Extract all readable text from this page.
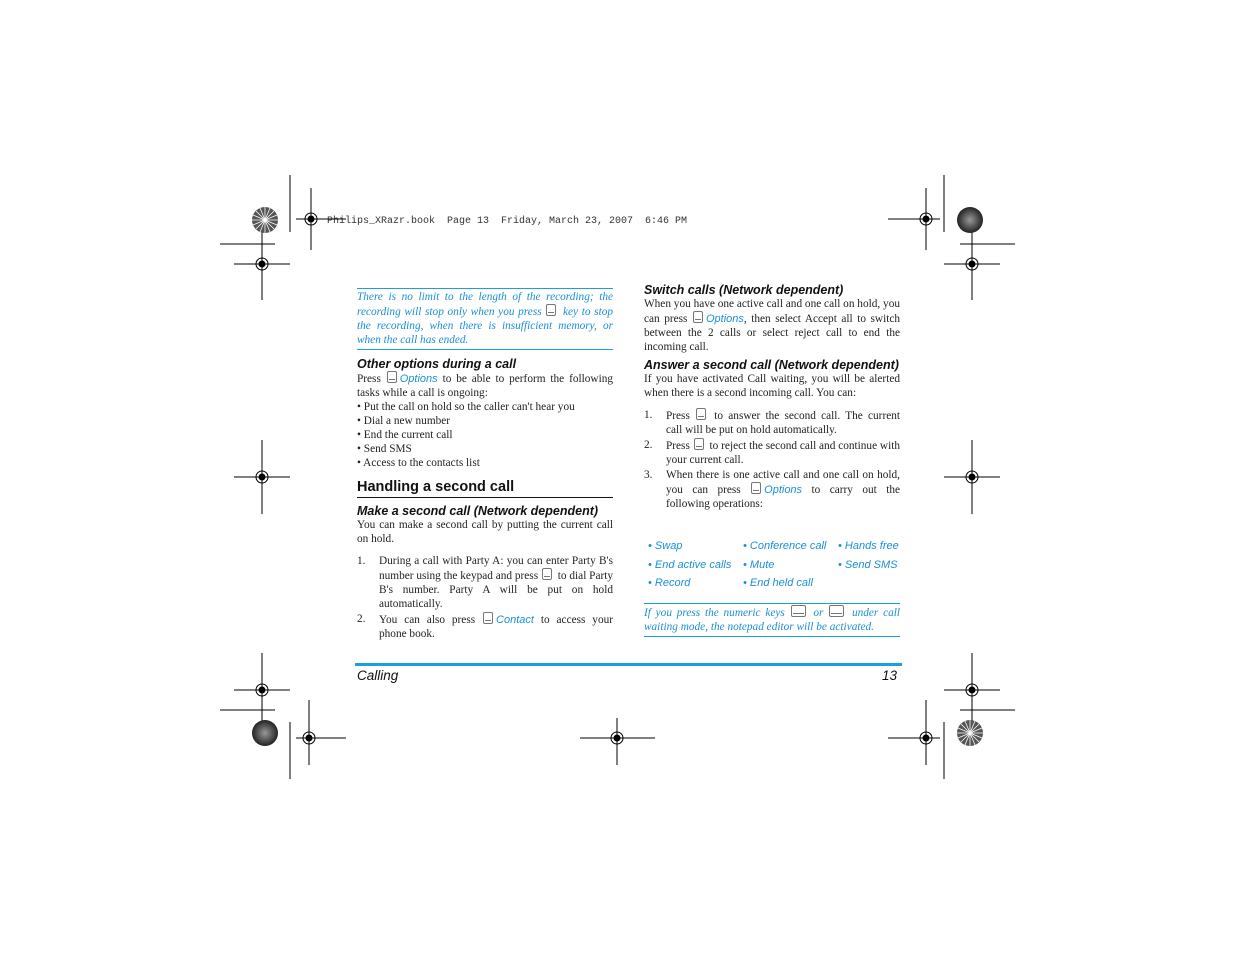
Philips_XRazr.book  Page 13  Friday, March 23, 2007  6:46 PM
There is no limit to the length of the recording; the recording will stop only when you press key to stop the recording, when there is insufficient memory, or when the call has ended.
Other options during a call

Press Options to be able to perform the following tasks while a call is ongoing:

• Put the call on hold so the caller can't hear you
• Dial a new number
• End the current call
• Send SMS
• Access to the contacts list
Handling a second call
Make a second call (Network dependent)

You can make a second call by putting the current call on hold.

1. During a call with Party A: you can enter Party B's number using the keypad and press to dial Party B's number. Party A will be put on hold automatically.
2. You can also press Contact to access your phone book.
Switch calls (Network dependent)

When you have one active call and one call on hold, you can press Options, then select Accept all to switch between the 2 calls or select reject call to end the incoming call.

Answer a second call (Network dependent)

If you have activated Call waiting, you will be alerted when there is a second incoming call. You can:

1. Press to answer the second call. The current call will be put on hold automatically.
2. Press to reject the second call and continue with your current call.
3. When there is one active call and one call on hold, you can press Options to carry out the following operations:
• Swap	• Conference call • Hands free
• End active calls • Mute	• Send SMS
• Record	• End held call
If you press the numeric keys	or	under call waiting mode, the notepad editor will be activated.
Calling	13
